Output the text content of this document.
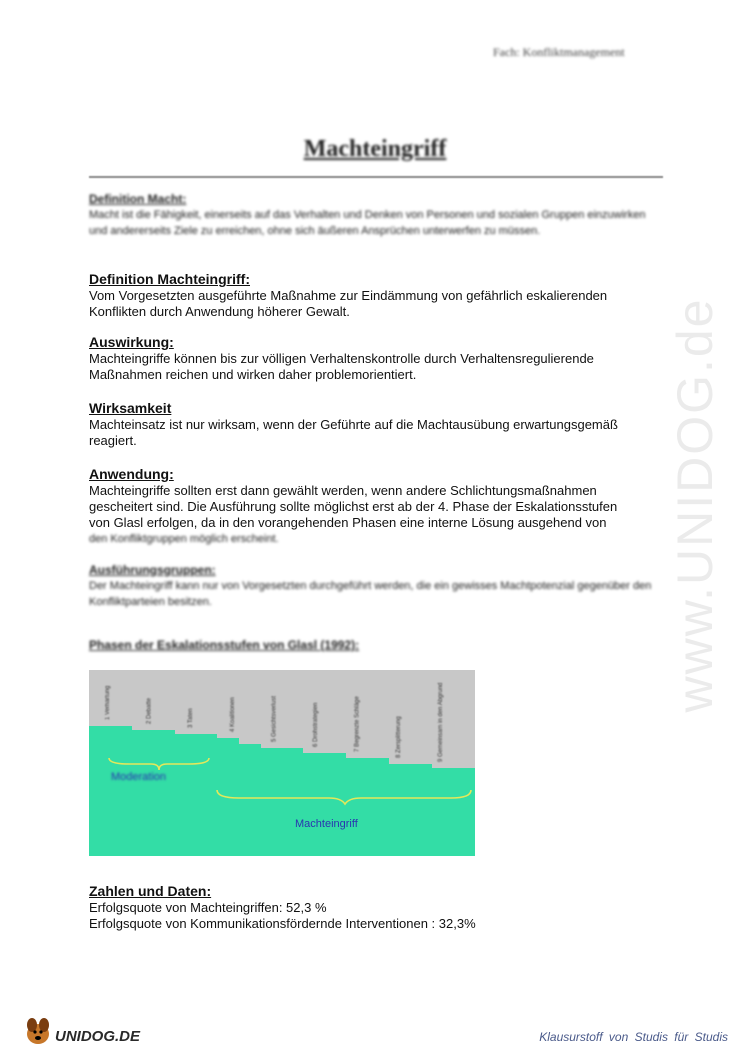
Fach: Konfliktmanagement
Machteingriff
www.UNIDOG.de
Definition Macht:

Macht ist die Fähigkeit, einerseits auf das Verhalten und Denken von Personen und sozialen Gruppen einzuwirken und andererseits Ziele zu erreichen, ohne sich äußeren Ansprüchen unterwerfen zu müssen.

Definition Machteingriff:

Vom Vorgesetzten ausgeführte Maßnahme zur Eindämmung von gefährlich eskalierenden

Konflikten durch Anwendung höherer Gewalt.

Auswirkung:

Machteingriffe können bis zur völligen Verhaltenskontrolle durch Verhaltensregulierende

Maßnahmen reichen und wirken daher problemorientiert.

Wirksamkeit

Machteinsatz ist nur wirksam, wenn der Geführte auf die Machtausübung erwartungsgemäß

reagiert.

Anwendung:

Machteingriffe sollten erst dann gewählt werden, wenn andere Schlichtungsmaßnahmen

gescheitert sind. Die Ausführung sollte möglichst erst ab der 4. Phase der Eskalationsstufen

von Glasl erfolgen, da in den vorangehenden Phasen eine interne Lösung ausgehend von

den Konfliktgruppen möglich erscheint.

Ausführungsgruppen:

Der Machteingriff kann nur von Vorgesetzten durchgeführt werden, die ein gewisses Machtpotenzial gegenüber den Konfliktparteien besitzen.

Phasen der Eskalationsstufen von Glasl (1992):
1 Verhärtung	2 Debatte	3 Taten	4 Koalitionen	5 Gesichtsverlust	6 Drohstrategien	7 Begrenzte Schläge	8 Zersplitterung	9 Gemeinsam in den Abgrund
Moderation
Machteingriff
Zahlen und Daten:

Erfolgsquote von Machteingriffen: 52,3 %

Erfolgsquote von Kommunikationsfördernde Interventionen : 32,3%

UNIDOG.DE	Klausurstoff von Studis für Studis
